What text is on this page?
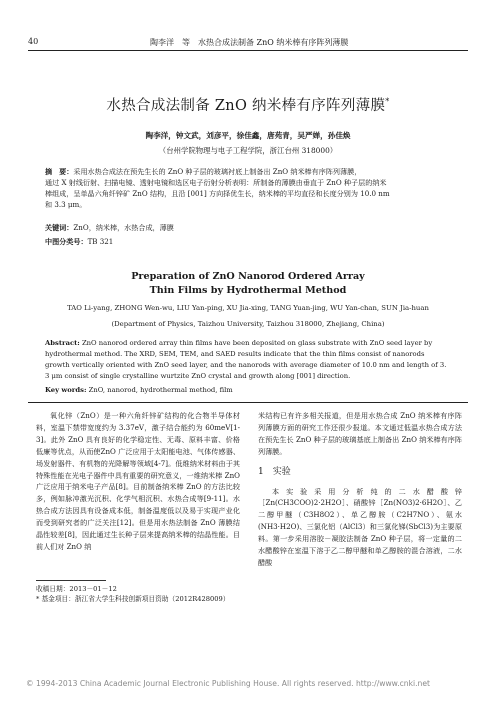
40	陶李洋　等　水热合成法制备 ZnO 纳米棒有序阵列薄膜
水热合成法制备 ZnO 纳米棒有序阵列薄膜*
陶李洋，钟文武，刘彦平，徐佳鑫，唐苑青，吴严婵，孙佳焕
（台州学院物理与电子工程学院，浙江台州 318000）
摘　要：采用水热合成法在预先生长的 ZnO 种子层的玻璃衬底上制备出 ZnO 纳米棒有序阵列薄膜，
通过 X 射线衍射、扫描电镜、透射电镜和选区电子衍射分析表明：所制备的薄膜由垂直于 ZnO 种子层的纳米
棒组成，呈单晶六角纤锌矿 ZnO 结构，且沿 [001] 方向择优生长，纳米棒的平均直径和长度分别为 10.0 nm
和 3.3 μm。
关键词：ZnO，纳米棒，水热合成，薄膜
中图分类号：TB 321
Preparation of ZnO Nanorod Ordered Array
Thin Films by Hydrothermal Method
TAO Li-yang, ZHONG Wen-wu, LIU Yan-ping, XU Jia-xing, TANG Yuan-jing, WU Yan-chan, SUN Jia-huan
(Department of Physics, Taizhou University, Taizhou 318000, Zhejiang, China)
Abstract: ZnO nanorod ordered array thin films have been deposited on glass substrate with ZnO seed layer by
hydrothermal method. The XRD, SEM, TEM, and SAED results indicate that the thin films consist of nanorods
growth vertically oriented with ZnO seed layer, and the nanorods with average diameter of 10.0 nm and length of 3.
3 μm consist of single crystalline wurtzite ZnO crystal and growth along [001] direction.
Key words: ZnO, nanorod, hydrothermal method, film

氧化锌（ZnO）是一种六角纤锌矿结构的化合物半导体材料，室温下禁带宽度约为 3.37eV，激子结合能约为 60meV[1-3]。此外 ZnO 具有良好的化学稳定性、无毒、原料丰富、价格低廉等优点，从而使ZnO 广泛应用于太阳能电池、气体传感器、场发射器件、有机物的光降解等领域[4-7]。低维纳米材料由于其特殊性能在光电子器件中具有重要的研究意义，一维纳米棒 ZnO 广泛应用于纳米电子产品[8]。目前制备纳米棒 ZnO 的方法比较多，例如脉冲激光沉积、化学气相沉积、水热合成等[9-11]。水热合成方法因具有设备成本低，制备温度低以及易于实现产业化而受到研究者的广泛关注[12]。但是用水热法制备 ZnO 薄膜结晶性较差[8]，因此通过生长种子层来提高纳米棒的结晶性能。目前人们对 ZnO 纳

收稿日期：2013－01－12
* 基金项目：浙江省大学生科技创新项目资助（2012R428009）

米结构已有许多相关报道，但是用水热合成 ZnO 纳米棒有序阵列薄膜方面的研究工作还很少报道。本文通过低温水热合成方法在预先生长 ZnO 种子层的玻璃基底上制备出 ZnO 纳米棒有序阵列薄膜。

1　 实验

本实验采用分析纯的二水醋酸锌［Zn(CH3COO)2·2H2O］、硝酸锌［Zn(NO3)2·6H2O］、乙二醇甲醚（C3H8O2）、单乙醇胺（C2H7NO）、氨水(NH3·H2O)、三氯化铝（AlCl3）和三氯化锑(SbCl3)为主要原料。第一步采用溶胶－凝胶法制备 ZnO 种子层，将一定量的二水醋酸锌在室温下溶于乙二醇甲醚和单乙醇胺的混合溶液，二水醋酸

© 1994-2013 China Academic Journal Electronic Publishing House. All rights reserved. http://www.cnki.net
